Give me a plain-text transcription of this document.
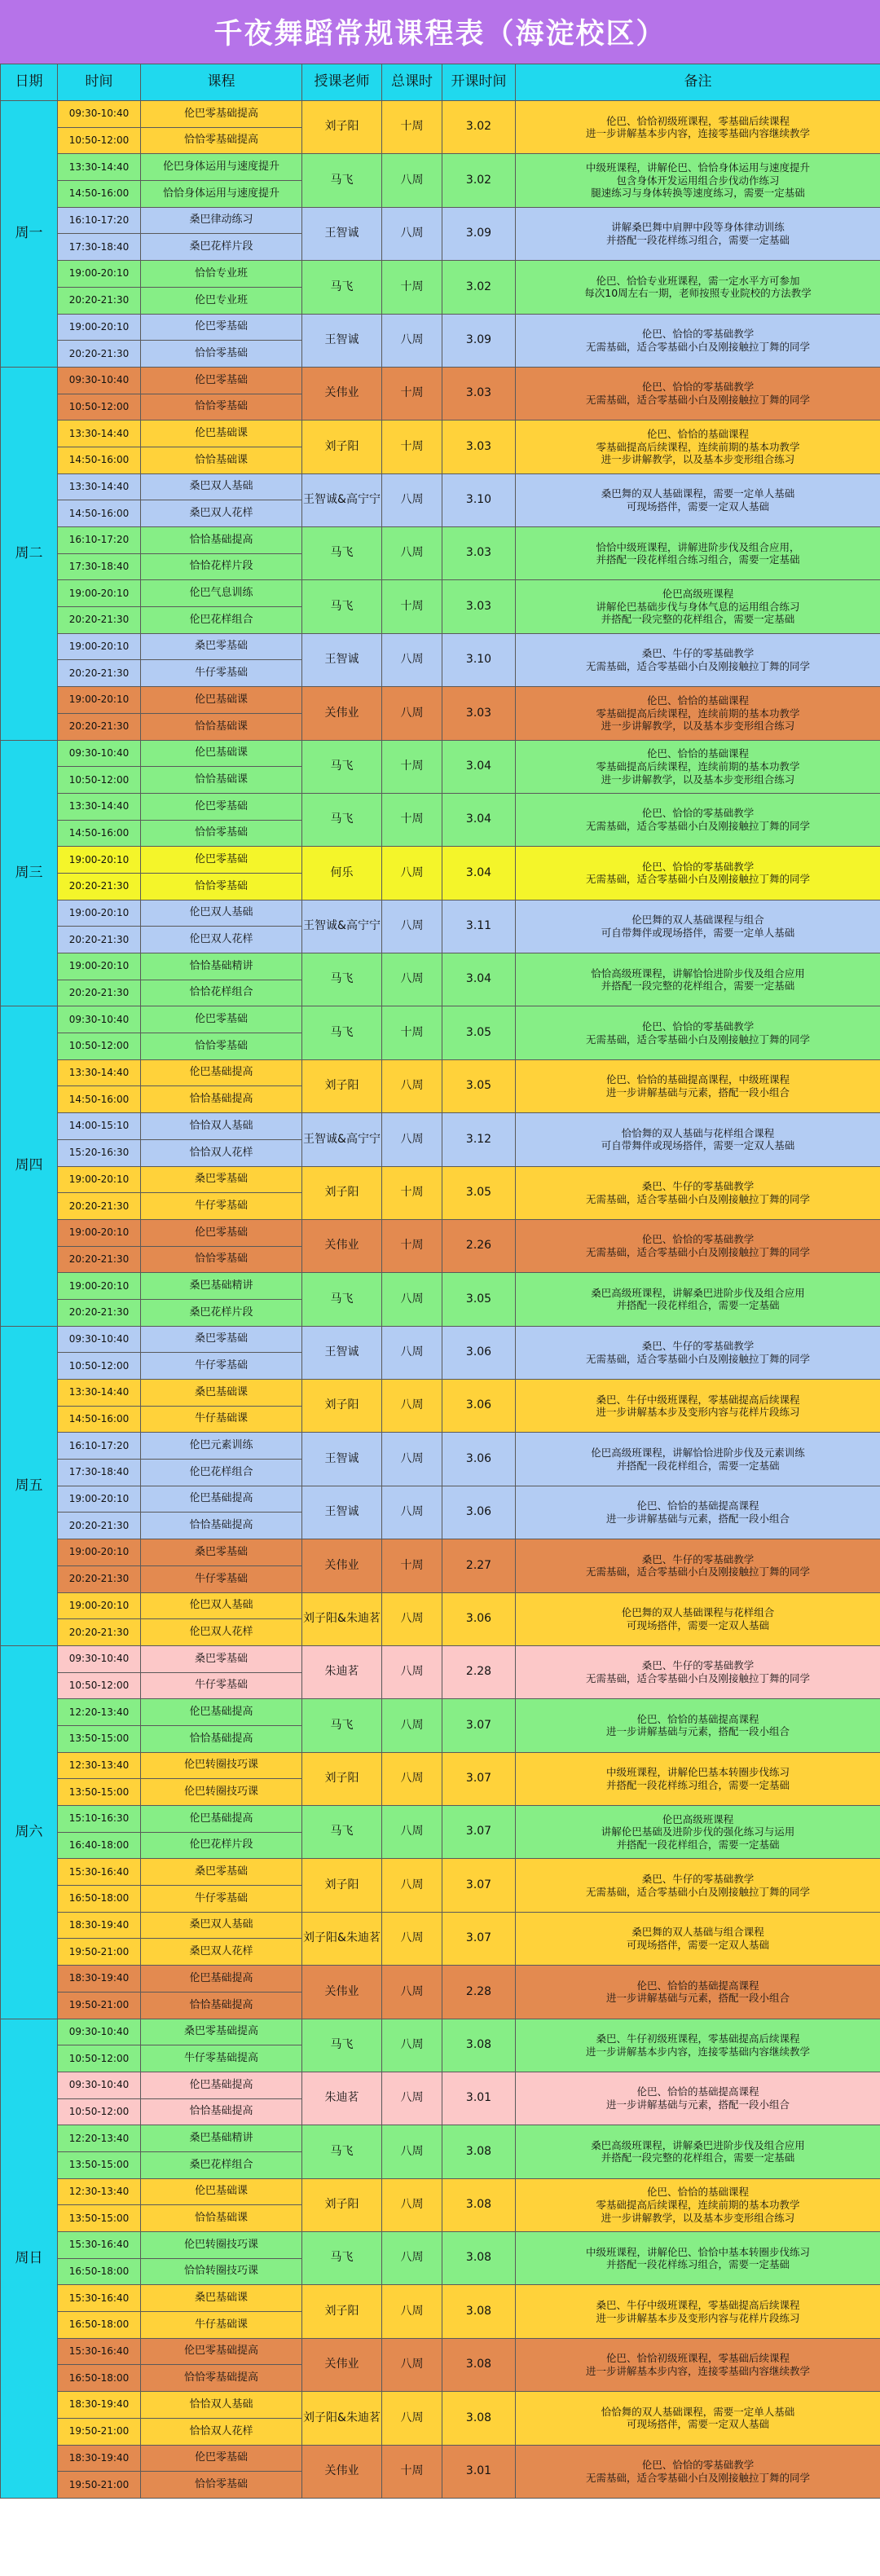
千夜舞蹈常规课程表（海淀校区）
日期	时间	课程	授课老师	总课时	开课时间	备注
周一	09:30-10:40	伦巴零基础提高	刘子阳	十周	3.02	伦巴、恰恰初级班课程，零基础后续课程
进一步讲解基本步内容，连接零基础内容继续教学

	10:50-12:00	恰恰零基础提高				
	13:30-14:40	伦巴身体运用与速度提升	马飞	八周	3.02	中级班课程，讲解伦巴、恰恰身体运用与速度提升
包含身体开发运用组合步伐动作练习
腿速练习与身体转换等速度练习，需要一定基础

	14:50-16:00	恰恰身体运用与速度提升				
	16:10-17:20	桑巴律动练习	王智诚	八周	3.09	讲解桑巴舞中肩胛中段等身体律动训练
并搭配一段花样练习组合，需要一定基础

	17:30-18:40	桑巴花样片段				
	19:00-20:10	恰恰专业班	马飞	十周	3.02	伦巴、恰恰专业班课程，需一定水平方可参加
每次10周左右一期，老师按照专业院校的方法教学

	20:20-21:30	伦巴专业班				
	19:00-20:10	伦巴零基础	王智诚	八周	3.09	伦巴、恰恰的零基础教学
无需基础，适合零基础小白及刚接触拉丁舞的同学

	20:20-21:30	恰恰零基础				
周二	09:30-10:40	伦巴零基础	关伟业	十周	3.03	伦巴、恰恰的零基础教学
无需基础，适合零基础小白及刚接触拉丁舞的同学

	10:50-12:00	恰恰零基础				
	13:30-14:40	伦巴基础课	刘子阳	十周	3.03	伦巴、恰恰的基础课程
零基础提高后续课程，连续前期的基本功教学
进一步讲解教学，以及基本步变形组合练习

	14:50-16:00	恰恰基础课				
	13:30-14:40	桑巴双人基础	王智诚&高宁宁	八周	3.10	桑巴舞的双人基础课程，需要一定单人基础
可现场搭伴，需要一定双人基础

	14:50-16:00	桑巴双人花样				
	16:10-17:20	恰恰基础提高	马飞	八周	3.03	恰恰中级班课程，讲解进阶步伐及组合应用，
并搭配一段花样组合练习组合，需要一定基础

	17:30-18:40	恰恰花样片段				
	19:00-20:10	伦巴气息训练	马飞	十周	3.03	伦巴高级班课程
讲解伦巴基础步伐与身体气息的运用组合练习
并搭配一段完整的花样组合，需要一定基础

	20:20-21:30	伦巴花样组合				
	19:00-20:10	桑巴零基础	王智诚	八周	3.10	桑巴、牛仔的零基础教学
无需基础，适合零基础小白及刚接触拉丁舞的同学

	20:20-21:30	牛仔零基础				
	19:00-20:10	伦巴基础课	关伟业	八周	3.03	伦巴、恰恰的基础课程
零基础提高后续课程，连续前期的基本功教学
进一步讲解教学，以及基本步变形组合练习

	20:20-21:30	恰恰基础课				
周三	09:30-10:40	伦巴基础课	马飞	十周	3.04	伦巴、恰恰的基础课程
零基础提高后续课程，连续前期的基本功教学
进一步讲解教学，以及基本步变形组合练习

	10:50-12:00	恰恰基础课				
	13:30-14:40	伦巴零基础	马飞	十周	3.04	伦巴、恰恰的零基础教学
无需基础，适合零基础小白及刚接触拉丁舞的同学

	14:50-16:00	恰恰零基础				
	19:00-20:10	伦巴零基础	何乐	八周	3.04	伦巴、恰恰的零基础教学
无需基础，适合零基础小白及刚接触拉丁舞的同学

	20:20-21:30	恰恰零基础				
	19:00-20:10	伦巴双人基础	王智诚&高宁宁	八周	3.11	伦巴舞的双人基础课程与组合
可自带舞伴或现场搭伴，需要一定单人基础

	20:20-21:30	伦巴双人花样				
	19:00-20:10	恰恰基础精讲	马飞	八周	3.04	恰恰高级班课程，讲解恰恰进阶步伐及组合应用
并搭配一段完整的花样组合，需要一定基础

	20:20-21:30	恰恰花样组合				
周四	09:30-10:40	伦巴零基础	马飞	十周	3.05	伦巴、恰恰的零基础教学
无需基础，适合零基础小白及刚接触拉丁舞的同学

	10:50-12:00	恰恰零基础				
	13:30-14:40	伦巴基础提高	刘子阳	八周	3.05	伦巴、恰恰的基础提高课程，中级班课程
进一步讲解基础与元素，搭配一段小组合

	14:50-16:00	恰恰基础提高				
	14:00-15:10	恰恰双人基础	王智诚&高宁宁	八周	3.12	恰恰舞的双人基础与花样组合课程
可自带舞伴或现场搭伴，需要一定双人基础

	15:20-16:30	恰恰双人花样				
	19:00-20:10	桑巴零基础	刘子阳	十周	3.05	桑巴、牛仔的零基础教学
无需基础，适合零基础小白及刚接触拉丁舞的同学

	20:20-21:30	牛仔零基础				
	19:00-20:10	伦巴零基础	关伟业	十周	2.26	伦巴、恰恰的零基础教学
无需基础，适合零基础小白及刚接触拉丁舞的同学

	20:20-21:30	恰恰零基础				
	19:00-20:10	桑巴基础精讲	马飞	八周	3.05	桑巴高级班课程，讲解桑巴进阶步伐及组合应用
并搭配一段花样组合，需要一定基础

	20:20-21:30	桑巴花样片段				
周五	09:30-10:40	桑巴零基础	王智诚	八周	3.06	桑巴、牛仔的零基础教学
无需基础，适合零基础小白及刚接触拉丁舞的同学

	10:50-12:00	牛仔零基础				
	13:30-14:40	桑巴基础课	刘子阳	八周	3.06	桑巴、牛仔中级班课程，零基础提高后续课程
进一步讲解基本步及变形内容与花样片段练习

	14:50-16:00	牛仔基础课				
	16:10-17:20	伦巴元素训练	王智诚	八周	3.06	伦巴高级班课程，讲解恰恰进阶步伐及元素训练
并搭配一段花样组合，需要一定基础

	17:30-18:40	伦巴花样组合				
	19:00-20:10	伦巴基础提高	王智诚	八周	3.06	伦巴、恰恰的基础提高课程
进一步讲解基础与元素，搭配一段小组合

	20:20-21:30	恰恰基础提高				
	19:00-20:10	桑巴零基础	关伟业	十周	2.27	桑巴、牛仔的零基础教学
无需基础，适合零基础小白及刚接触拉丁舞的同学

	20:20-21:30	牛仔零基础				
	19:00-20:10	伦巴双人基础	刘子阳&朱迪茗	八周	3.06	伦巴舞的双人基础课程与花样组合
可现场搭伴，需要一定双人基础

	20:20-21:30	伦巴双人花样				
周六	09:30-10:40	桑巴零基础	朱迪茗	八周	2.28	桑巴、牛仔的零基础教学
无需基础，适合零基础小白及刚接触拉丁舞的同学

	10:50-12:00	牛仔零基础				
	12:20-13:40	伦巴基础提高	马飞	八周	3.07	伦巴、恰恰的基础提高课程
进一步讲解基础与元素，搭配一段小组合

	13:50-15:00	恰恰基础提高				
	12:30-13:40	伦巴转圈技巧课	刘子阳	八周	3.07	中级班课程，讲解伦巴基本转圈步伐练习
并搭配一段花样练习组合，需要一定基础

	13:50-15:00	伦巴转圈技巧课				
	15:10-16:30	伦巴基础提高	马飞	八周	3.07	伦巴高级班课程
讲解伦巴基础及进阶步伐的强化练习与运用
并搭配一段花样组合，需要一定基础

	16:40-18:00	伦巴花样片段				
	15:30-16:40	桑巴零基础	刘子阳	八周	3.07	桑巴、牛仔的零基础教学
无需基础，适合零基础小白及刚接触拉丁舞的同学

	16:50-18:00	牛仔零基础				
	18:30-19:40	桑巴双人基础	刘子阳&朱迪茗	八周	3.07	桑巴舞的双人基础与组合课程
可现场搭伴，需要一定双人基础

	19:50-21:00	桑巴双人花样				
	18:30-19:40	伦巴基础提高	关伟业	八周	2.28	伦巴、恰恰的基础提高课程
进一步讲解基础与元素，搭配一段小组合

	19:50-21:00	恰恰基础提高				
周日	09:30-10:40	桑巴零基础提高	马飞	八周	3.08	桑巴、牛仔初级班课程，零基础提高后续课程
进一步讲解基本步内容，连接零基础内容继续教学

	10:50-12:00	牛仔零基础提高				
	09:30-10:40	伦巴基础提高	朱迪茗	八周	3.01	伦巴、恰恰的基础提高课程
进一步讲解基础与元素，搭配一段小组合

	10:50-12:00	恰恰基础提高				
	12:20-13:40	桑巴基础精讲	马飞	八周	3.08	桑巴高级班课程，讲解桑巴进阶步伐及组合应用
并搭配一段完整的花样组合，需要一定基础

	13:50-15:00	桑巴花样组合				
	12:30-13:40	伦巴基础课	刘子阳	八周	3.08	伦巴、恰恰的基础课程
零基础提高后续课程，连续前期的基本功教学
进一步讲解教学，以及基本步变形组合练习

	13:50-15:00	恰恰基础课				
	15:30-16:40	伦巴转圈技巧课	马飞	八周	3.08	中级班课程，讲解伦巴、恰恰中基本转圈步伐练习
并搭配一段花样练习组合，需要一定基础

	16:50-18:00	恰恰转圈技巧课				
	15:30-16:40	桑巴基础课	刘子阳	八周	3.08	桑巴、牛仔中级班课程，零基础提高后续课程
进一步讲解基本步及变形内容与花样片段练习

	16:50-18:00	牛仔基础课				
	15:30-16:40	伦巴零基础提高	关伟业	八周	3.08	伦巴、恰恰初级班课程，零基础后续课程
进一步讲解基本步内容，连接零基础内容继续教学

	16:50-18:00	恰恰零基础提高				
	18:30-19:40	恰恰双人基础	刘子阳&朱迪茗	八周	3.08	恰恰舞的双人基础课程，需要一定单人基础
可现场搭伴，需要一定双人基础

	19:50-21:00	恰恰双人花样				
	18:30-19:40	伦巴零基础	关伟业	十周	3.01	伦巴、恰恰的零基础教学
无需基础，适合零基础小白及刚接触拉丁舞的同学

	19:50-21:00	恰恰零基础				
